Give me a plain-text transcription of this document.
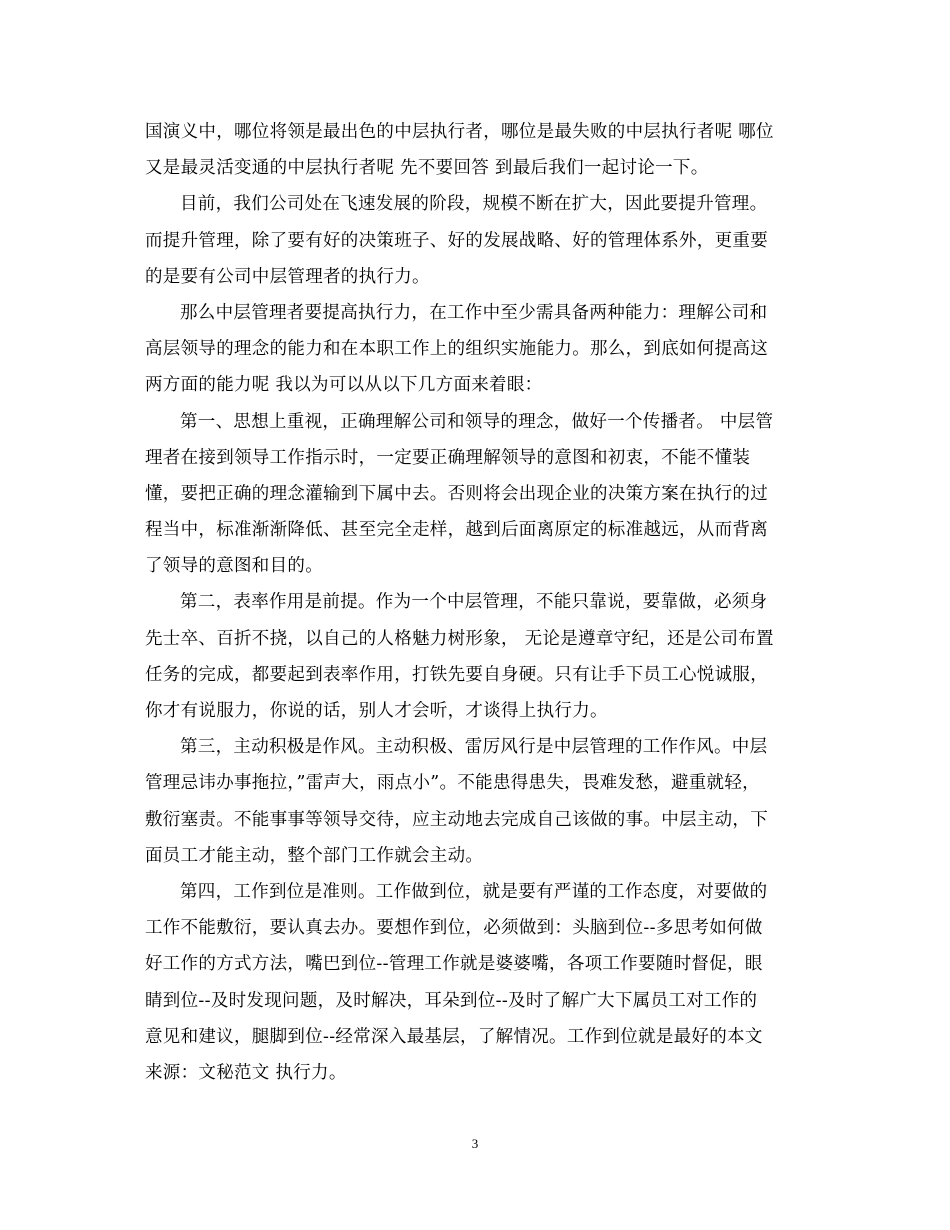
国演义中，哪位将领是最出色的中层执行者，哪位是最失败的中层执行者呢 哪位
又是最灵活变通的中层执行者呢 先不要回答 到最后我们一起讨论一下。
目前，我们公司处在飞速发展的阶段，规模不断在扩大，因此要提升管理。
而提升管理，除了要有好的决策班子、好的发展战略、好的管理体系外，更重要
的是要有公司中层管理者的执行力。
那么中层管理者要提高执行力，在工作中至少需具备两种能力：理解公司和
高层领导的理念的能力和在本职工作上的组织实施能力。那么，到底如何提高这
两方面的能力呢 我以为可以从以下几方面来着眼：
第一、思想上重视，正确理解公司和领导的理念，做好一个传播者。 中层管
理者在接到领导工作指示时，一定要正确理解领导的意图和初衷，不能不懂装
懂，要把正确的理念灌输到下属中去。否则将会出现企业的决策方案在执行的过
程当中，标准渐渐降低、甚至完全走样，越到后面离原定的标准越远，从而背离
了领导的意图和目的。
第二，表率作用是前提。作为一个中层管理，不能只靠说，要靠做，必须身
先士卒、百折不挠，以自己的人格魅力树形象， 无论是遵章守纪，还是公司布置
任务的完成，都要起到表率作用，打铁先要自身硬。只有让手下员工心悦诚服，
你才有说服力，你说的话，别人才会听，才谈得上执行力。
第三，主动积极是作风。主动积极、雷厉风行是中层管理的工作作风。中层
管理忌讳办事拖拉，”雷声大，雨点小”。不能患得患失，畏难发愁，避重就轻，
敷衍塞责。不能事事等领导交待，应主动地去完成自己该做的事。中层主动，下
面员工才能主动，整个部门工作就会主动。
第四，工作到位是准则。工作做到位，就是要有严谨的工作态度，对要做的
工作不能敷衍，要认真去办。要想作到位，必须做到：头脑到位--多思考如何做
好工作的方式方法，嘴巴到位--管理工作就是婆婆嘴，各项工作要随时督促，眼
睛到位--及时发现问题，及时解决，耳朵到位--及时了解广大下属员工对工作的
意见和建议，腿脚到位--经常深入最基层，了解情况。工作到位就是最好的本文
来源：文秘范文 执行力。
3
